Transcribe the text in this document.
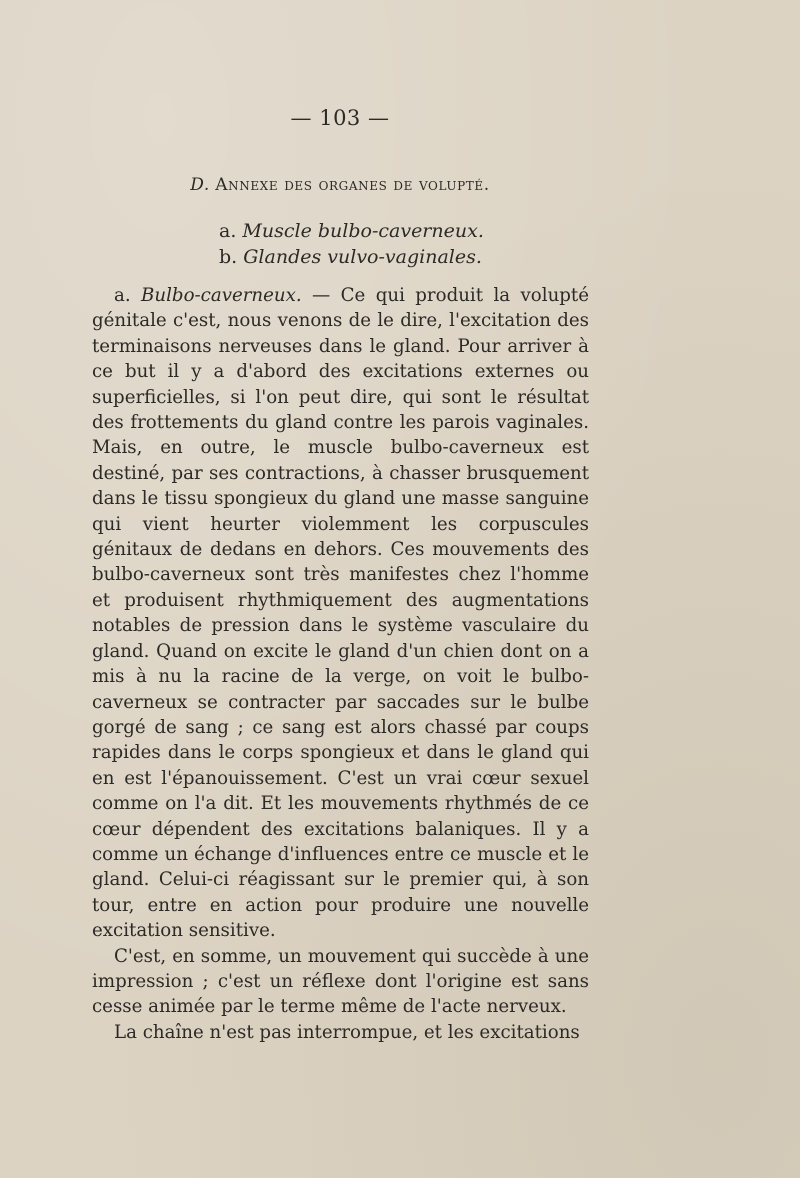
— 103 —
D. Annexe des organes de volupté.
a. Muscle bulbo-caverneux.
b. Glandes vulvo-vaginales.

a. Bulbo-caverneux. — Ce qui produit la volupté génitale c'est, nous venons de le dire, l'excitation des terminaisons nerveuses dans le gland. Pour arriver à ce but il y a d'abord des excitations externes ou superficielles, si l'on peut dire, qui sont le résultat des frottements du gland contre les parois vaginales. Mais, en outre, le muscle bulbo-caverneux est destiné, par ses contractions, à chasser brusquement dans le tissu spongieux du gland une masse sanguine qui vient heurter violemment les corpuscules génitaux de dedans en dehors. Ces mouvements des bulbo-caverneux sont très manifestes chez l'homme et produisent rhythmiquement des augmentations notables de pression dans le système vasculaire du gland. Quand on excite le gland d'un chien dont on a mis à nu la racine de la verge, on voit le bulbo-caverneux se contracter par saccades sur le bulbe gorgé de sang ; ce sang est alors chassé par coups rapides dans le corps spongieux et dans le gland qui en est l'épanouissement. C'est un vrai cœur sexuel comme on l'a dit. Et les mouvements rhythmés de ce cœur dépendent des excitations balaniques. Il y a comme un échange d'influences entre ce muscle et le gland. Celui-ci réagissant sur le premier qui, à son tour, entre en action pour produire une nouvelle excitation sensitive.

C'est, en somme, un mouvement qui succède à une impression ; c'est un réflexe dont l'origine est sans cesse animée par le terme même de l'acte nerveux.

La chaîne n'est pas interrompue, et les excitations
